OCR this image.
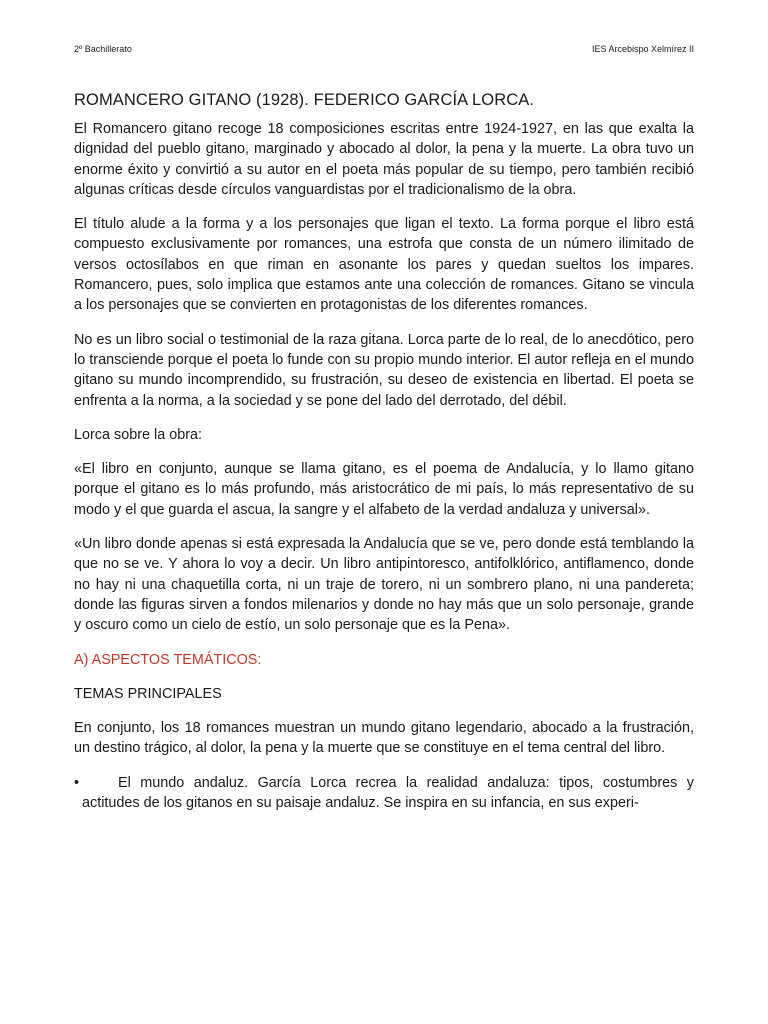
2º Bachillerato	IES Arcebispo Xelmírez II
ROMANCERO GITANO (1928). FEDERICO GARCÍA LORCA.

El Romancero gitano recoge 18 composiciones escritas entre 1924-1927, en las que exalta la dignidad del pueblo gitano, marginado y abocado al dolor, la pena y la muerte. La obra tuvo un enorme éxito y convirtió a su autor en el poeta más popular de su tiempo, pero también recibió algunas críticas desde círculos vanguardistas por el tradicionalismo de la obra.

El título alude a la forma y a los personajes que ligan el texto. La forma porque el libro está compuesto exclusivamente por romances, una estrofa que consta de un número ilimitado de versos octosílabos en que riman en asonante los pares y quedan sueltos los impares. Romancero, pues, solo implica que estamos ante una colección de romances. Gitano se vincula a los personajes que se convierten en protagonistas de los diferentes romances.

No es un libro social o testimonial de la raza gitana. Lorca parte de lo real, de lo anecdótico, pero lo transciende porque el poeta lo funde con su propio mundo interior. El autor refleja en el mundo gitano su mundo incomprendido, su frustración, su deseo de existencia en libertad. El poeta se enfrenta a la norma, a la sociedad y se pone del lado del derrotado, del débil.

Lorca sobre la obra:

«El libro en conjunto, aunque se llama gitano, es el poema de Andalucía, y lo llamo gitano porque el gitano es lo más profundo, más aristocrático de mi país, lo más representativo de su modo y el que guarda el ascua, la sangre y el alfabeto de la verdad andaluza y universal».

«Un libro donde apenas si está expresada la Andalucía que se ve, pero donde está temblando la que no se ve. Y ahora lo voy a decir. Un libro antipintoresco, antifolklórico, antiflamenco, donde no hay ni una chaquetilla corta, ni un traje de torero, ni un sombrero plano, ni una pandereta; donde las figuras sirven a fondos milenarios y donde no hay más que un solo personaje, grande y oscuro como un cielo de estío, un solo personaje que es la Pena».

A) ASPECTOS TEMÁTICOS:
TEMAS PRINCIPALES

En conjunto, los 18 romances muestran un mundo gitano legendario, abocado a la frustración, un destino trágico, al dolor, la pena y la muerte que se constituye en el tema central del libro.

•	El mundo andaluz. García Lorca recrea la realidad andaluza: tipos, costumbres y actitudes de los gitanos en su paisaje andaluz. Se inspira en su infancia, en sus experi-
